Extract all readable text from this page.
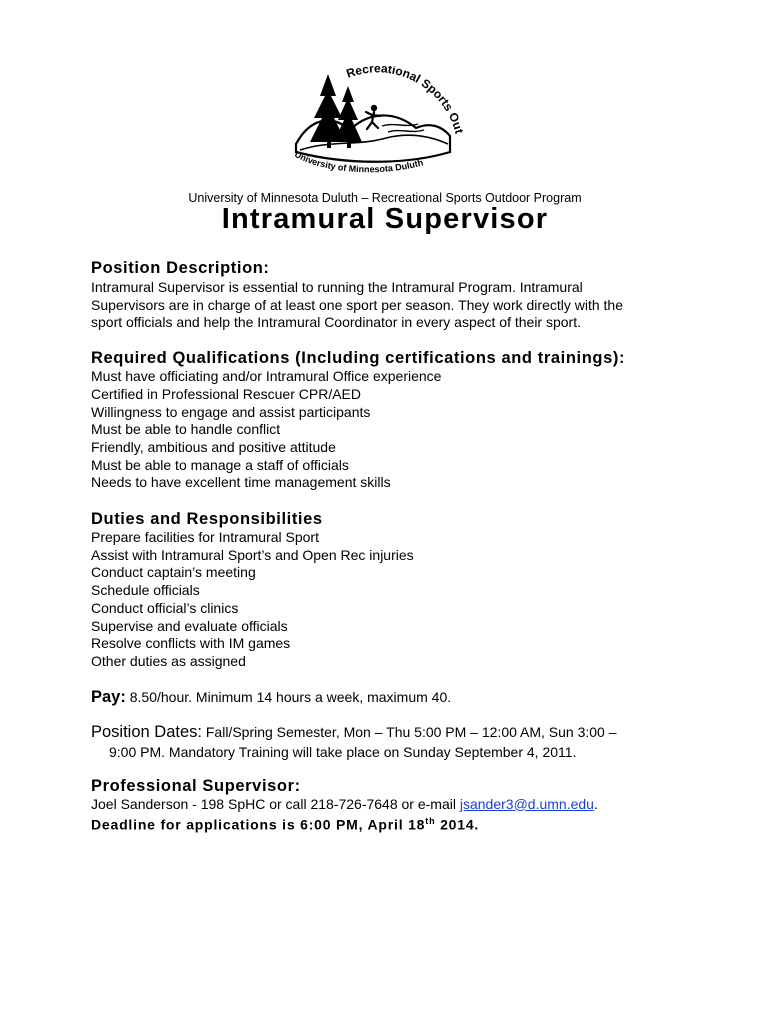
Recreational Sports Out
University of Minnesota Duluth
University of Minnesota Duluth – Recreational Sports Outdoor Program
Intramural Supervisor
Position Description:
Intramural Supervisor is essential to running the Intramural Program. Intramural
Supervisors are in charge of at least one sport per season. They work directly with the
sport officials and help the Intramural Coordinator in every aspect of their sport.
Required Qualifications (Including certifications and trainings):
Must have officiating and/or Intramural Office experience
Certified in Professional Rescuer CPR/AED
Willingness to engage and assist participants
Must be able to handle conflict
Friendly, ambitious and positive attitude
Must be able to manage a staff of officials
Needs to have excellent time management skills
Duties and Responsibilities
Prepare facilities for Intramural Sport
Assist with Intramural Sport’s and Open Rec injuries
Conduct captain’s meeting
Schedule officials
Conduct official’s clinics
Supervise and evaluate officials
Resolve conflicts with IM games
Other duties as assigned
Pay: 8.50/hour. Minimum 14 hours a week, maximum 40.
Position Dates: Fall/Spring Semester, Mon – Thu 5:00 PM – 12:00 AM, Sun 3:00 –
9:00 PM. Mandatory Training will take place on Sunday September 4, 2011.
Professional Supervisor:
Joel Sanderson - 198 SpHC or call 218-726-7648 or e-mail jsander3@d.umn.edu.
Deadline for applications is 6:00 PM, April 18th 2014.
